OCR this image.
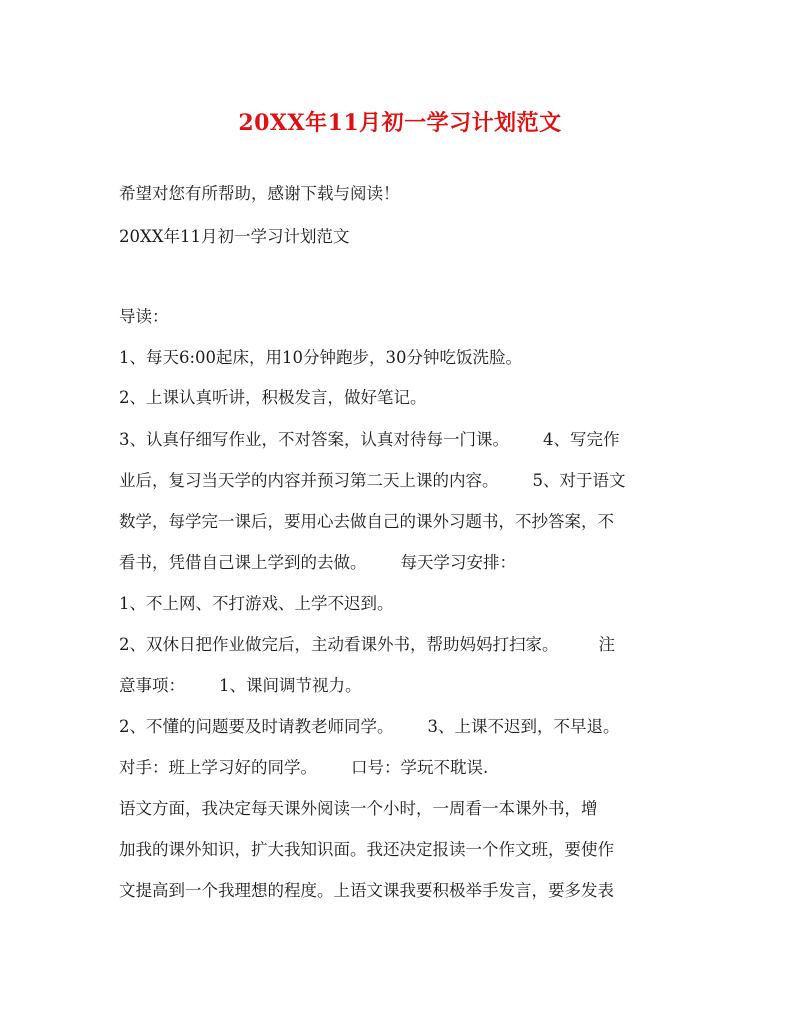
20XX年11月初一学习计划范文
希望对您有所帮助，感谢下载与阅读！
20XX年11月初一学习计划范文
导读：
1、每天6:00起床，用10分钟跑步，30分钟吃饭洗脸。
2、上课认真听讲，积极发言，做好笔记。
3、认真仔细写作业，不对答案，认真对待每一门课。 4、写完作
业后，复习当天学的内容并预习第二天上课的内容。 5、对于语文
数学，每学完一课后，要用心去做自己的课外习题书，不抄答案，不
看书，凭借自己课上学到的去做。 每天学习安排：
1、不上网、不打游戏、上学不迟到。
2、双休日把作业做完后，主动看课外书，帮助妈妈打扫家。 注
意事项： 1、课间调节视力。
2、不懂的问题要及时请教老师同学。 3、上课不迟到，不早退。
对手：班上学习好的同学。 口号：学玩不耽误.
语文方面，我决定每天课外阅读一个小时，一周看一本课外书，增
加我的课外知识，扩大我知识面。我还决定报读一个作文班，要使作
文提高到一个我理想的程度。上语文课我要积极举手发言，要多发表
